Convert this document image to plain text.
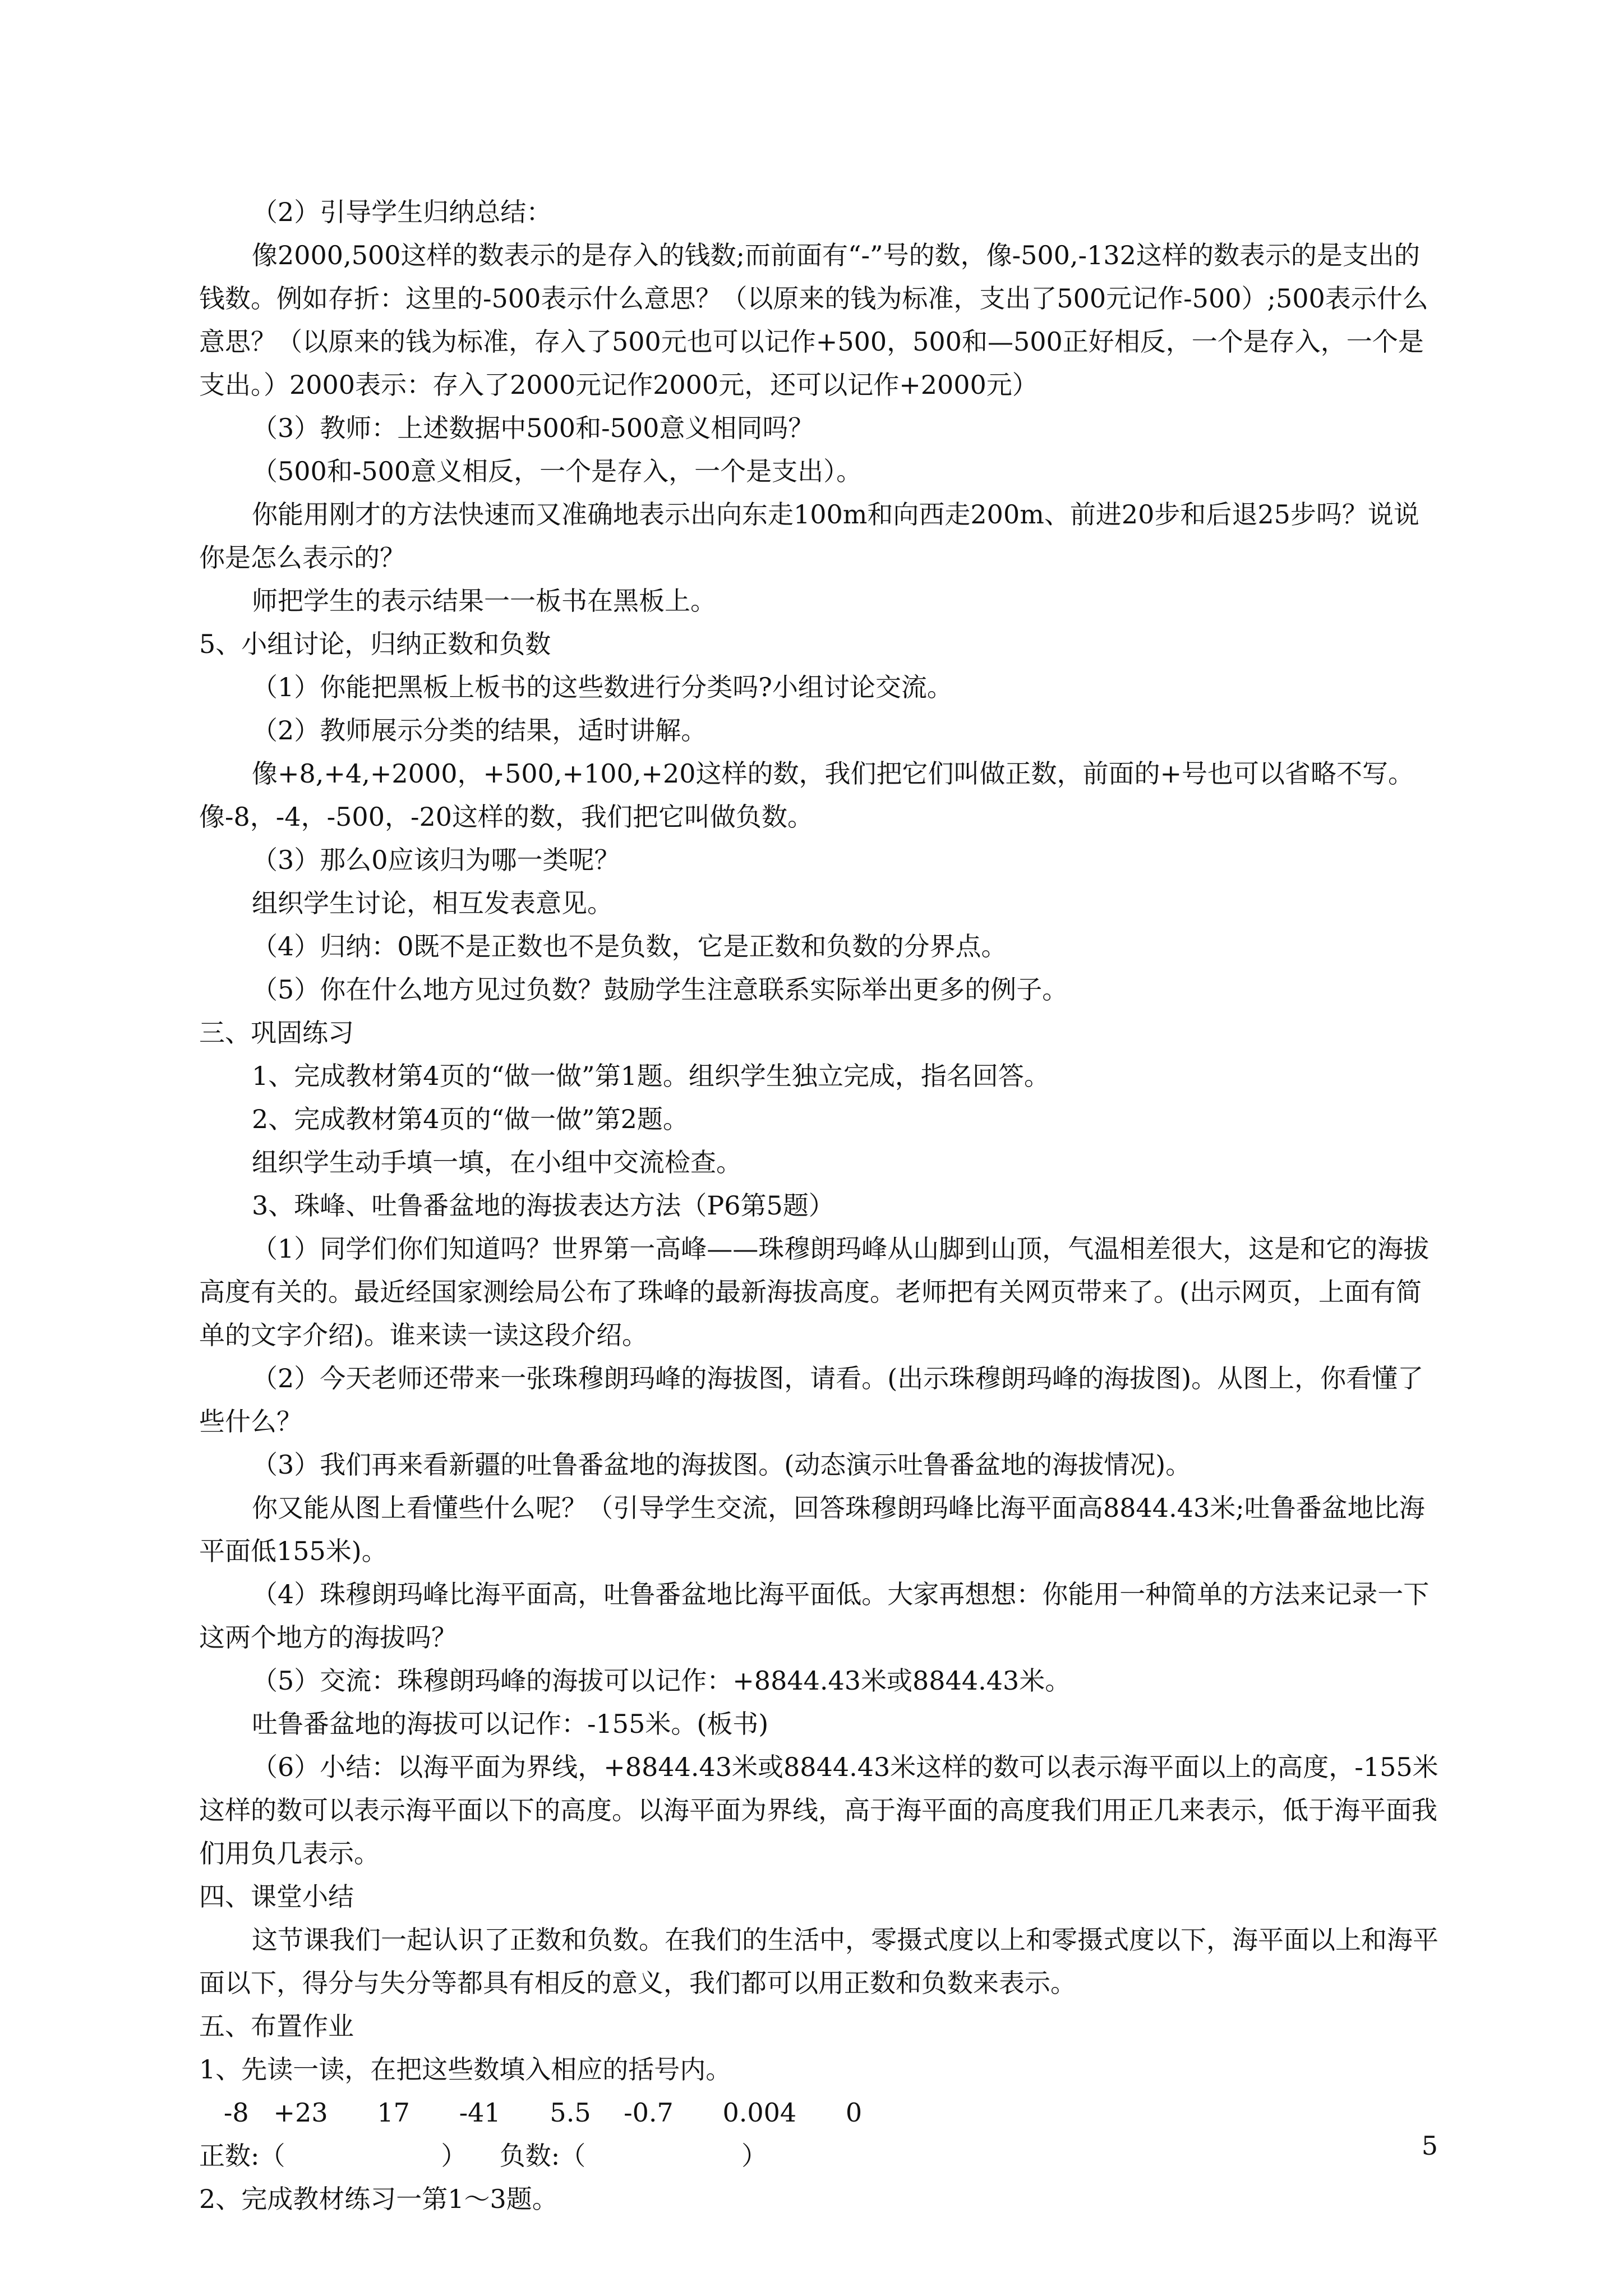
（2）引导学生归纳总结：

像2000,500这样的数表示的是存入的钱数;而前面有“-”号的数，像-500,-132这样的数表示的是支出的钱数。例如存折：这里的-500表示什么意思？（以原来的钱为标准，支出了500元记作-500）;500表示什么意思？（以原来的钱为标准，存入了500元也可以记作+500，500和—500正好相反，一个是存入，一个是支出。）2000表示：存入了2000元记作2000元，还可以记作+2000元）

（3）教师：上述数据中500和-500意义相同吗？

（500和-500意义相反，一个是存入，一个是支出）。

你能用刚才的方法快速而又准确地表示出向东走100m和向西走200m、前进20步和后退25步吗？说说你是怎么表示的？

师把学生的表示结果一一板书在黑板上。

5、小组讨论，归纳正数和负数

（1）你能把黑板上板书的这些数进行分类吗?小组讨论交流。

（2）教师展示分类的结果，适时讲解。

像+8,+4,+2000，+500,+100,+20这样的数，我们把它们叫做正数，前面的+号也可以省略不写。像-8，-4，-500，-20这样的数，我们把它叫做负数。

（3）那么0应该归为哪一类呢？

组织学生讨论，相互发表意见。

（4）归纳：0既不是正数也不是负数，它是正数和负数的分界点。

（5）你在什么地方见过负数？鼓励学生注意联系实际举出更多的例子。

三、巩固练习

1、完成教材第4页的“做一做”第1题。组织学生独立完成，指名回答。

2、完成教材第4页的“做一做”第2题。

组织学生动手填一填，在小组中交流检查。

3、珠峰、吐鲁番盆地的海拔表达方法（P6第5题）

（1）同学们你们知道吗？世界第一高峰——珠穆朗玛峰从山脚到山顶，气温相差很大，这是和它的海拔高度有关的。最近经国家测绘局公布了珠峰的最新海拔高度。老师把有关网页带来了。(出示网页，上面有简单的文字介绍)。谁来读一读这段介绍。

（2）今天老师还带来一张珠穆朗玛峰的海拔图，请看。(出示珠穆朗玛峰的海拔图)。从图上，你看懂了些什么？

（3）我们再来看新疆的吐鲁番盆地的海拔图。(动态演示吐鲁番盆地的海拔情况)。

你又能从图上看懂些什么呢？（引导学生交流，回答珠穆朗玛峰比海平面高8844.43米;吐鲁番盆地比海平面低155米)。

（4）珠穆朗玛峰比海平面高，吐鲁番盆地比海平面低。大家再想想：你能用一种简单的方法来记录一下这两个地方的海拔吗？

（5）交流：珠穆朗玛峰的海拔可以记作：+8844.43米或8844.43米。

吐鲁番盆地的海拔可以记作：-155米。(板书)

（6）小结：以海平面为界线，+8844.43米或8844.43米这样的数可以表示海平面以上的高度，-155米这样的数可以表示海平面以下的高度。以海平面为界线，高于海平面的高度我们用正几来表示，低于海平面我们用负几表示。

四、课堂小结

这节课我们一起认识了正数和负数。在我们的生活中，零摄式度以上和零摄式度以下，海平面以上和海平面以下，得分与失分等都具有相反的意义，我们都可以用正数和负数来表示。

五、布置作业

1、先读一读，在把这些数填入相应的括号内。

-8   +23      17      -41      5.5    -0.7      0.004      0

正数:（                   ）    负数:（                   ）

2、完成教材练习一第1～3题。

5
